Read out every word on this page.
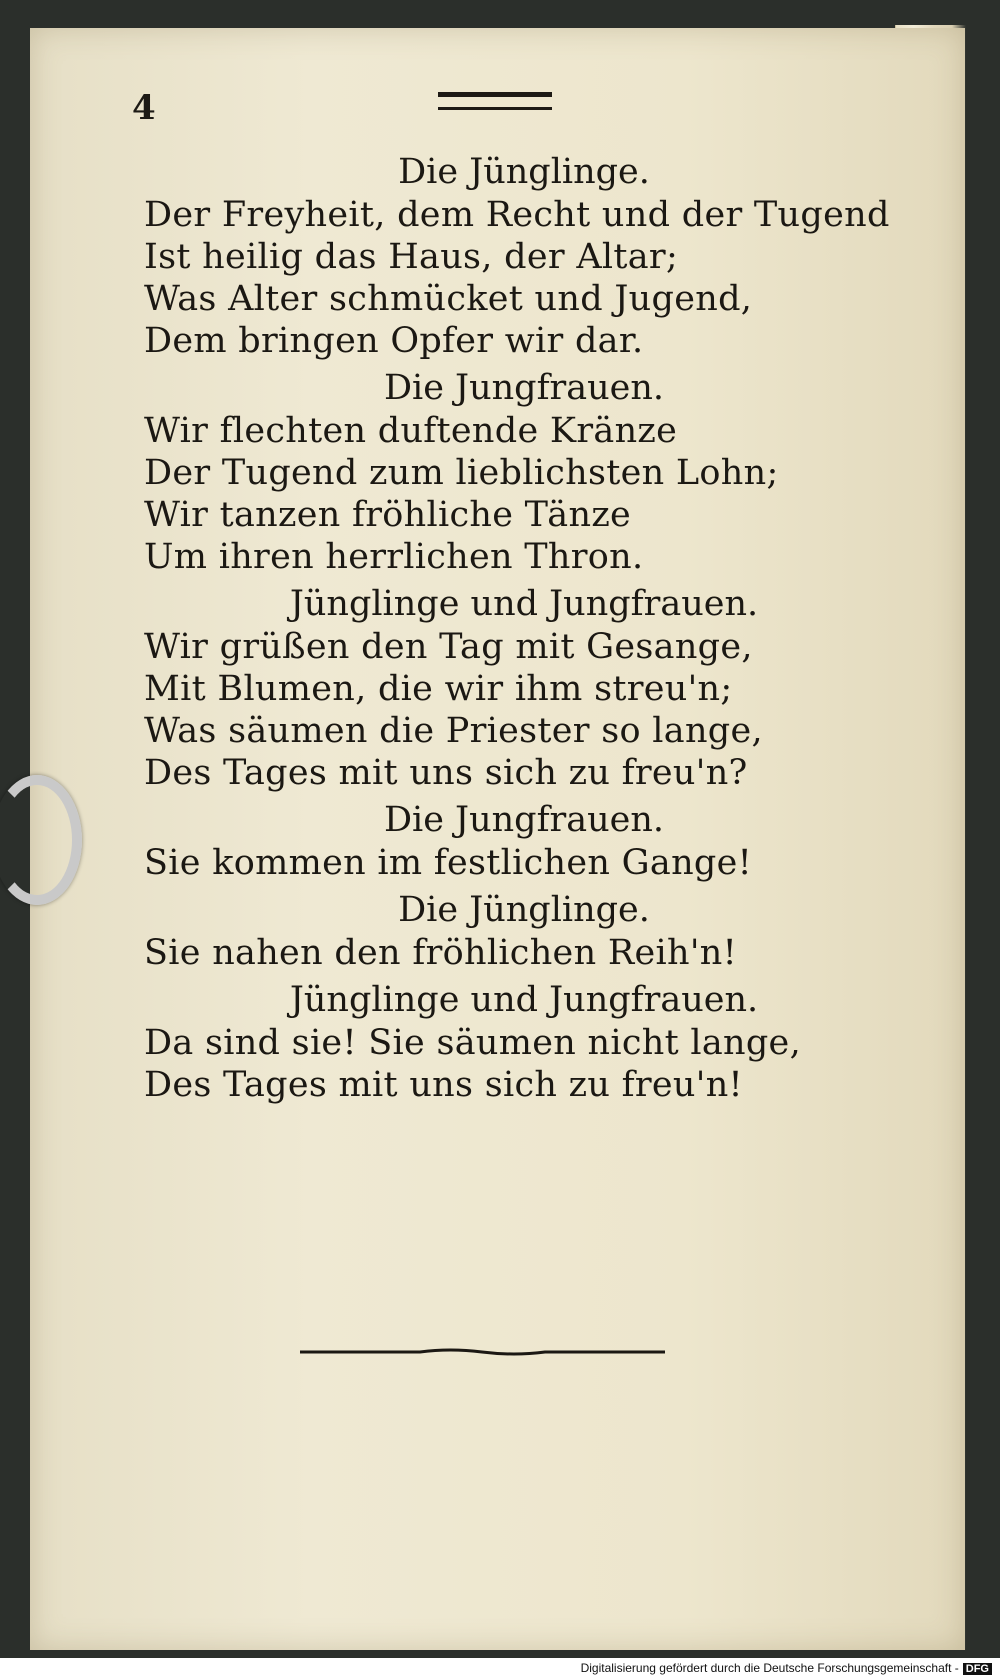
4
Die Jünglinge.
Der Freyheit, dem Recht und der Tugend
Ist heilig das Haus, der Altar;
Was Alter schmücket und Jugend,
Dem bringen Opfer wir dar.
Die Jungfrauen.
Wir flechten duftende Kränze
Der Tugend zum lieblichsten Lohn;
Wir tanzen fröhliche Tänze
Um ihren herrlichen Thron.
Jünglinge und Jungfrauen.
Wir grüßen den Tag mit Gesange,
Mit Blumen, die wir ihm streu'n;
Was säumen die Priester so lange,
Des Tages mit uns sich zu freu'n?
Die Jungfrauen.
Sie kommen im festlichen Gange!
Die Jünglinge.
Sie nahen den fröhlichen Reih'n!
Jünglinge und Jungfrauen.
Da sind sie! Sie säumen nicht lange,
Des Tages mit uns sich zu freu'n!
Digitalisierung gefördert durch die Deutsche Forschungsgemeinschaft - DFG
